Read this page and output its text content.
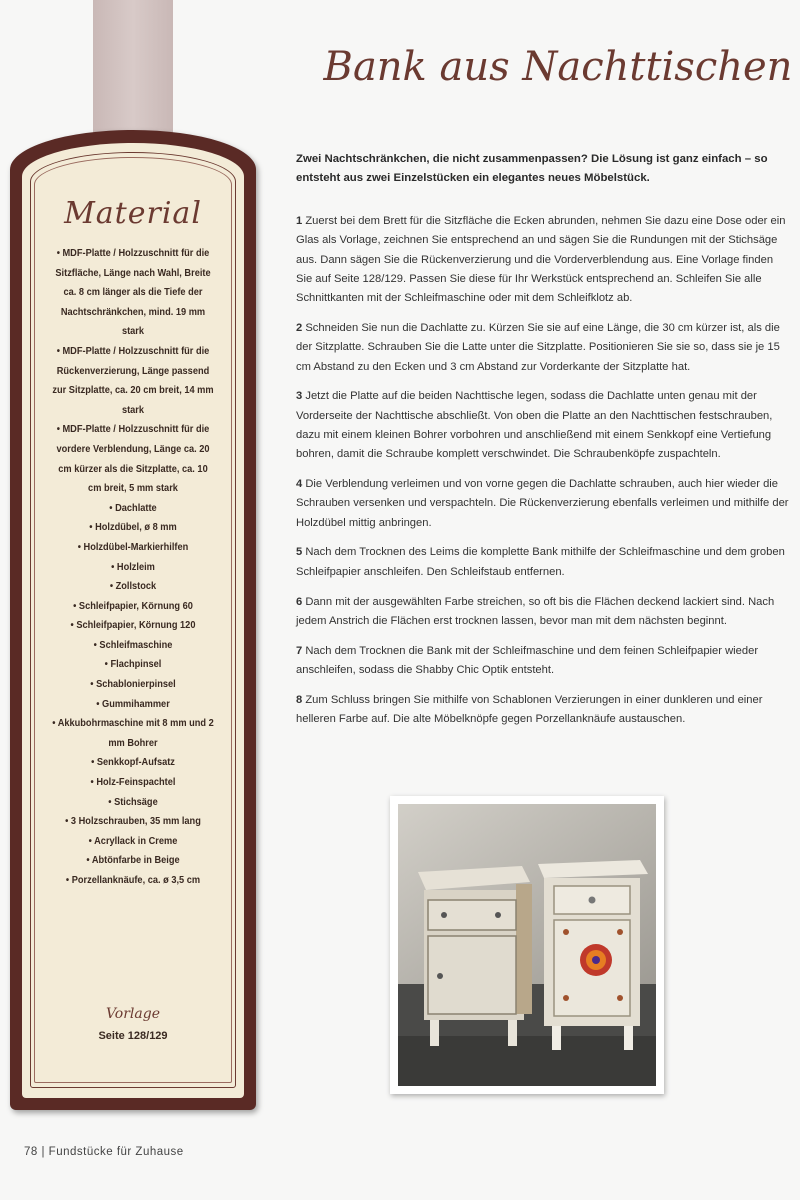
Material
• MDF-Platte / Holzzuschnitt für die Sitzfläche, Länge nach Wahl, Breite ca. 8 cm länger als die Tiefe der Nachtschränkchen, mind. 19 mm stark
• MDF-Platte / Holzzuschnitt für die Rückenverzierung, Länge passend zur Sitzplatte, ca. 20 cm breit, 14 mm stark
• MDF-Platte / Holzzuschnitt für die vordere Verblendung, Länge ca. 20 cm kürzer als die Sitzplatte, ca. 10 cm breit, 5 mm stark
• Dachlatte
• Holzdübel, ø 8 mm
• Holzdübel-Markierhilfen
• Holzleim
• Zollstock
• Schleifpapier, Körnung 60
• Schleifpapier, Körnung 120
• Schleifmaschine
• Flachpinsel
• Schablonierpinsel
• Gummihammer
• Akkubohrmaschine mit 8 mm und 2 mm Bohrer
• Senkkopf-Aufsatz
• Holz-Feinspachtel
• Stichsäge
• 3 Holzschrauben, 35 mm lang
• Acryllack in Creme
• Abtönfarbe in Beige
• Porzellanknäufe, ca. ø 3,5 cm
Vorlage
Seite 128/129
Bank aus Nachttischen
Zwei Nachtschränkchen, die nicht zusammenpassen? Die Lösung ist ganz einfach – so entsteht aus zwei Einzelstücken ein elegantes neues Möbelstück.

1 Zuerst bei dem Brett für die Sitzfläche die Ecken abrunden, nehmen Sie dazu eine Dose oder ein Glas als Vorlage, zeichnen Sie entsprechend an und sägen Sie die Rundungen mit der Stichsäge aus. Dann sägen Sie die Rückenverzierung und die Vorderverblendung aus. Eine Vorlage finden Sie auf Seite 128/129. Passen Sie diese für Ihr Werkstück entsprechend an. Schleifen Sie alle Schnittkanten mit der Schleifmaschine oder mit dem Schleifklotz ab.

2 Schneiden Sie nun die Dachlatte zu. Kürzen Sie sie auf eine Länge, die 30 cm kürzer ist, als die der Sitzplatte. Schrauben Sie die Latte unter die Sitzplatte. Positionieren Sie sie so, dass sie je 15 cm Abstand zu den Ecken und 3 cm Abstand zur Vorderkante der Sitzplatte hat.

3 Jetzt die Platte auf die beiden Nachttische legen, sodass die Dachlatte unten genau mit der Vorderseite der Nachttische abschließt. Von oben die Platte an den Nachttischen festschrauben, dazu mit einem kleinen Bohrer vorbohren und anschließend mit einem Senkkopf eine Vertiefung bohren, damit die Schraube komplett verschwindet. Die Schraubenköpfe zuspachteln.

4 Die Verblendung verleimen und von vorne gegen die Dachlatte schrauben, auch hier wieder die Schrauben versenken und verspachteln. Die Rückenverzierung ebenfalls verleimen und mithilfe der Holzdübel mittig anbringen.

5 Nach dem Trocknen des Leims die komplette Bank mithilfe der Schleifmaschine und dem groben Schleifpapier anschleifen. Den Schleifstaub entfernen.

6 Dann mit der ausgewählten Farbe streichen, so oft bis die Flächen deckend lackiert sind. Nach jedem Anstrich die Flächen erst trocknen lassen, bevor man mit dem nächsten beginnt.

7 Nach dem Trocknen die Bank mit der Schleifmaschine und dem feinen Schleifpapier wieder anschleifen, sodass die Shabby Chic Optik entsteht.

8 Zum Schluss bringen Sie mithilfe von Schablonen Verzierungen in einer dunkleren und einer helleren Farbe auf. Die alte Möbelknöpfe gegen Porzellanknäufe austauschen.

78 | Fundstücke für Zuhause
